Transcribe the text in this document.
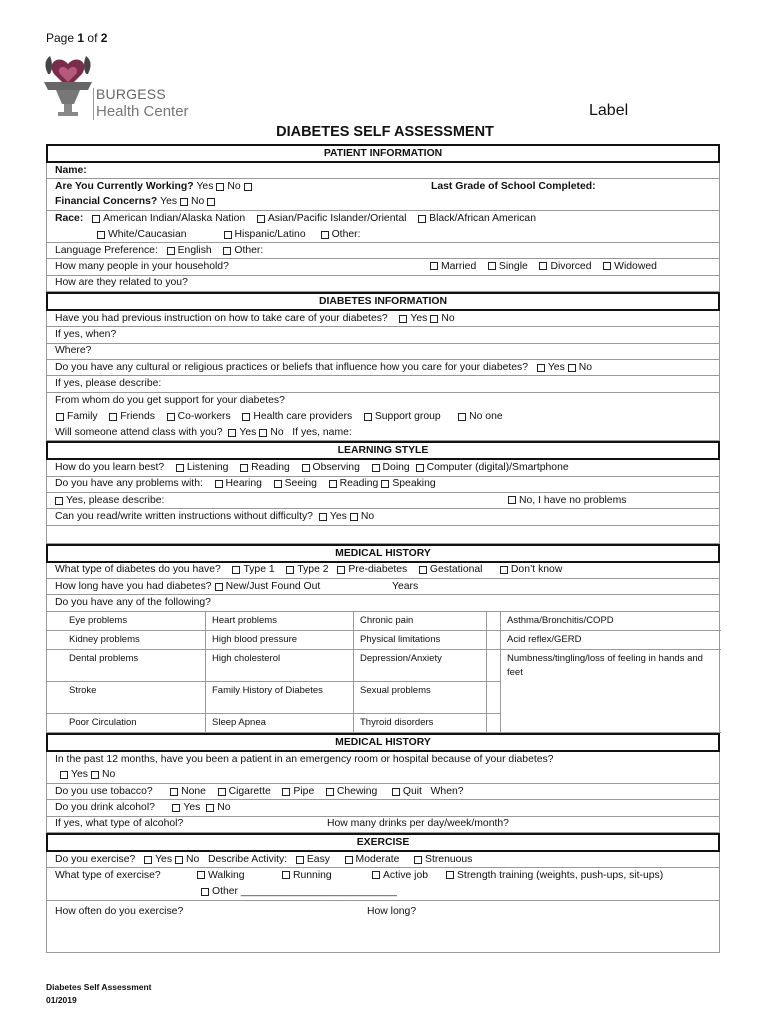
Page 1 of 2
BURGESS
Health Center	Label
DIABETES SELF ASSESSMENT
PATIENT INFORMATION
Name:
Are You Currently Working?
Yes No	Last Grade of School Completed:
Financial Concerns?
Yes No
Race:
American Indian/Alaska Nation
Asian/Pacific Islander/Oriental
Black/African American
White/Caucasian	Hispanic/Latino	Other:
Language Preference:
English
Other:
How many people in your household?	Married Single Divorced Widowed
How are they related to you?
DIABETES INFORMATION
Have you had previous instruction on how to take care of your diabetes?
Yes No
If yes, when?
Where?
Do you have any cultural or religious practices or beliefs that influence how you care for your diabetes?
Yes No
If yes, please describe:
From whom do you get support for your diabetes?
Family
Friends
Co-workers
Health care providers
Support group
	No one
Will someone attend class with you?
Yes No
If yes, name:
LEARNING STYLE
How do you learn best?
Listening
Reading
Observing
Doing
Computer (digital)/Smartphone
Do you have any problems with:
Hearing
Seeing
Reading Speaking
Yes, please describe:	No, I have no problems
Can you read/write written instructions without difficulty?
Yes No
MEDICAL HISTORY
What type of diabetes do you have?
Type 1
Type 2
Pre-diabetes
Gestational
	Don’t know
How long have you had diabetes? New/Just Found Out	Years
Do you have any of the following?
Eye problems	Heart problems	Chronic pain	Asthma/Bronchitis/COPD
Kidney problems	High blood pressure	Physical limitations	Acid reflex/GERD
Dental problems	High cholesterol	Depression/Anxiety	Numbness/tingling/loss of feeling in hands and feet
Stroke	Family History of Diabetes	Sexual problems
Poor Circulation	Sleep Apnea	Thyroid disorders
MEDICAL HISTORY
In the past 12 months, have you been a patient in an emergency room or hospital because of your diabetes?
Yes No
Do you use tobacco?
	None
Cigarette
Pipe
Chewing
Quit
When?
Do you drink alcohol?
	Yes
No
If yes, what type of alcohol?	How many drinks per day/week/month?
EXERCISE
Do you exercise?
Yes No
Describe Activity:
Easy
Moderate
Strenuous
What type of exercise?	Walking	Running	Active job	Strength training (weights, push-ups, sit-ups)
Other ___________________________
How often do you exercise?	How long?
Diabetes Self Assessment
01/2019
